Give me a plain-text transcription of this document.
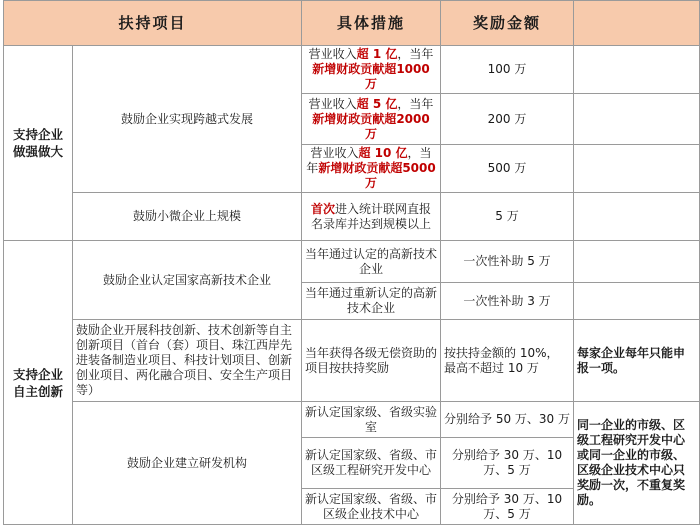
扶持项目		具体措施	奖励金额	
支持企业做强做大	鼓励企业实现跨越式发展	营业收入超 1 亿，当年新增财政贡献超1000 万	100 万	
		营业收入超 5 亿，当年新增财政贡献超2000 万	200 万	
		营业收入超 10 亿，当年新增财政贡献超5000 万	500 万	
	鼓励小微企业上规模	首次进入统计联网直报名录库并达到规模以上	5 万	
支持企业自主创新	鼓励企业认定国家高新技术企业	当年通过认定的高新技术企业	一次性补助 5 万	
		当年通过重新认定的高新技术企业	一次性补助 3 万	
	鼓励企业开展科技创新、技术创新等自主创新项目（首台（套）项目、珠江西岸先进装备制造业项目、科技计划项目、创新创业项目、两化融合项目、安全生产项目等）	当年获得各级无偿资助的项目按扶持奖励	按扶持金额的 10%，最高不超过 10 万	每家企业每年只能申报一项。
	鼓励企业建立研发机构	新认定国家级、省级实验室	分别给予 50 万、30 万	同一企业的市级、区级工程研究开发中心或同一企业的市级、区级企业技术中心只奖励一次，不重复奖励。
		新认定国家级、省级、市区级工程研究开发中心	分别给予 30 万、10 万、5 万	
		新认定国家级、省级、市区级企业技术中心	分别给予 30 万、10 万、5 万	
